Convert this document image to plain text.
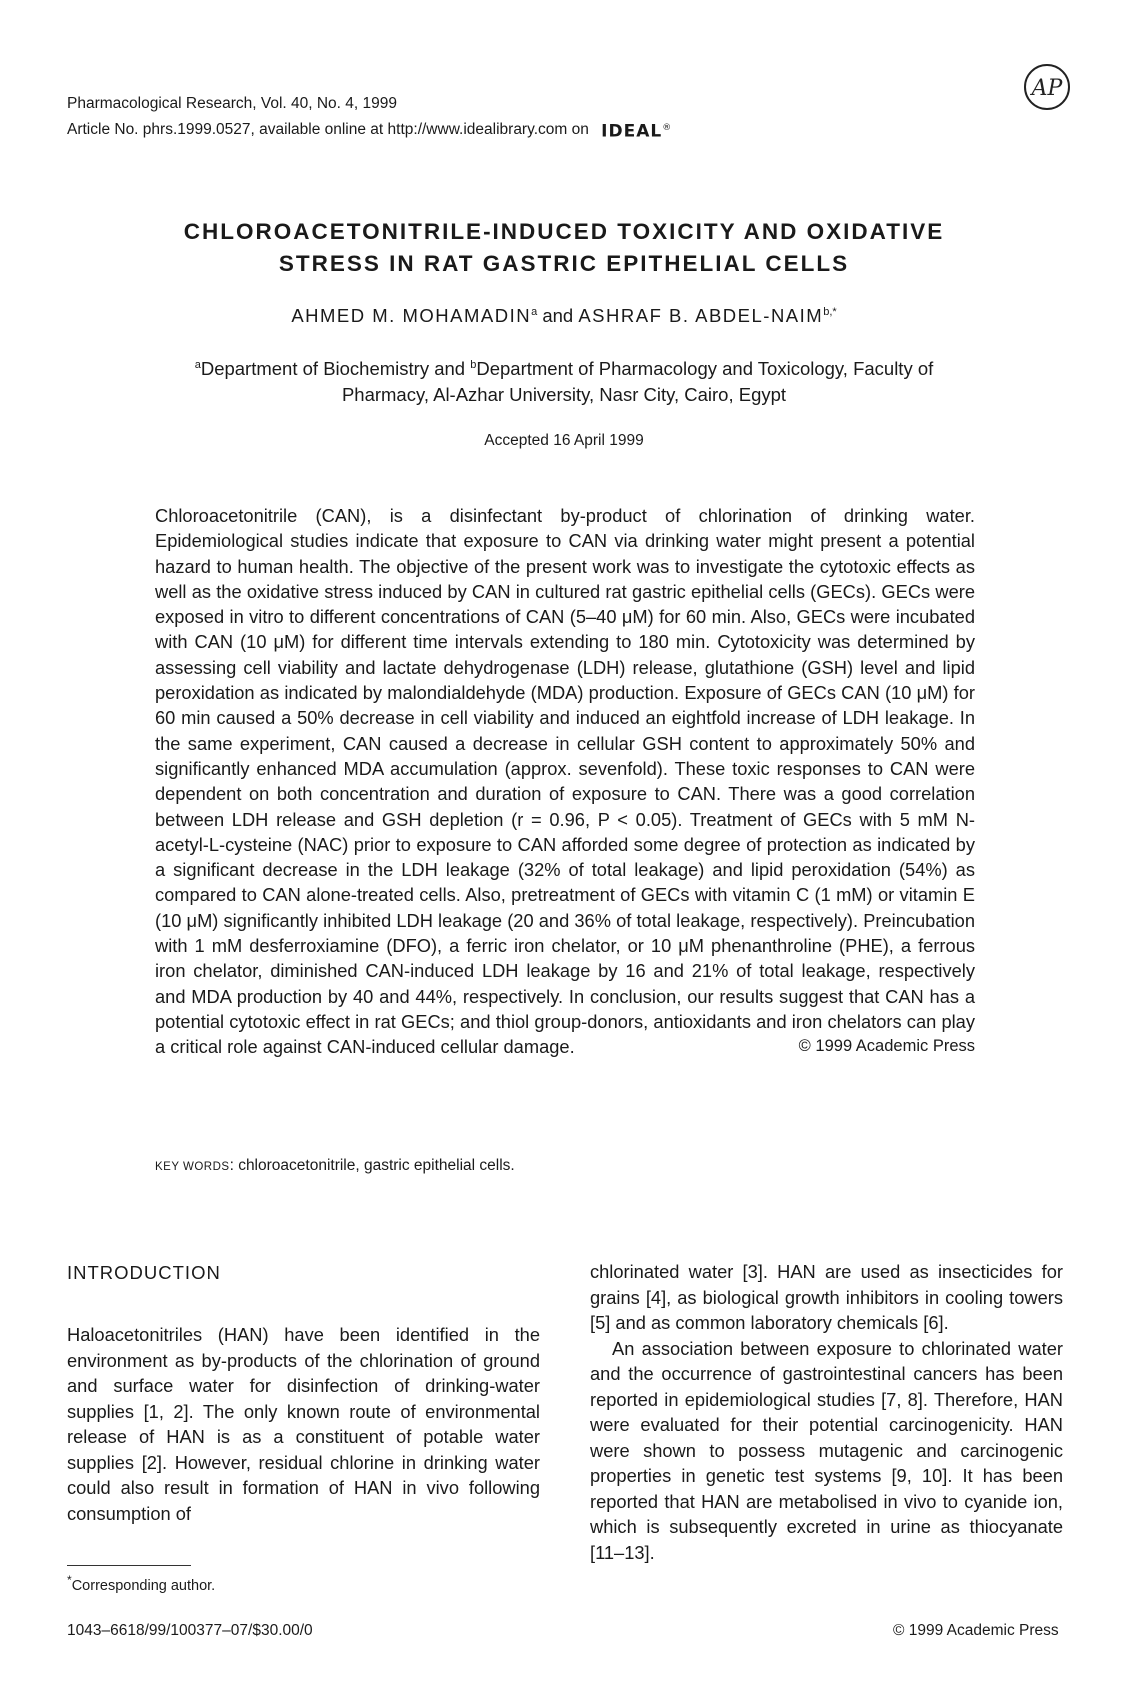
Pharmacological Research, Vol. 40, No. 4, 1999
Article No. phrs.1999.0527, available online at http://www.idealibrary.com on IDEAL®
AP
CHLOROACETONITRILE-INDUCED TOXICITY AND OXIDATIVE
STRESS IN RAT GASTRIC EPITHELIAL CELLS
AHMED M. MOHAMADIN$^a$ and ASHRAF B. ABDEL-$NAIM^{b,*}$
$^a$Department of Biochemistry and $^b$Department of Pharmacology and Toxicology, Faculty of
Pharmacy, Al-Azhar University, Nasr City, Cairo, Egypt
Accepted 16 April 1999
Chloroacetonitrile (CAN), is a disinfectant by-product of chlorination of drinking water. Epidemiological studies indicate that exposure to CAN via drinking water might present a potential hazard to human health. The objective of the present work was to investigate the cytotoxic effects as well as the oxidative stress induced by CAN in cultured rat gastric epithelial cells (GECs). GECs were exposed in vitro to different concentrations of CAN (5–40 μM) for 60 min. Also, GECs were incubated with CAN (10 μM) for different time intervals extending to 180 min. Cytotoxicity was determined by assessing cell viability and lactate dehydrogenase (LDH) release, glutathione (GSH) level and lipid peroxidation as indicated by malondialdehyde (MDA) production. Exposure of GECs CAN (10 μM) for 60 min caused a 50% decrease in cell viability and induced an eightfold increase of LDH leakage. In the same experiment, CAN caused a decrease in cellular GSH content to approximately 50% and significantly enhanced MDA accumulation (approx. sevenfold). These toxic responses to CAN were dependent on both concentration and duration of exposure to CAN. There was a good correlation between LDH release and GSH depletion (r = 0.96, P < 0.05). Treatment of GECs with 5 mM N-acetyl-L-cysteine (NAC) prior to exposure to CAN afforded some degree of protection as indicated by a significant decrease in the LDH leakage (32% of total leakage) and lipid peroxidation (54%) as compared to CAN alone-treated cells. Also, pretreatment of GECs with vitamin C (1 mM) or vitamin E (10 μM) significantly inhibited LDH leakage (20 and 36% of total leakage, respectively). Preincubation with 1 mM desferroxiamine (DFO), a ferric iron chelator, or 10 μM phenanthroline (PHE), a ferrous iron chelator, diminished CAN-induced LDH leakage by 16 and 21% of total leakage, respectively and MDA production by 40 and 44%, respectively. In conclusion, our results suggest that CAN has a potential cytotoxic effect in rat GECs; and thiol group-donors, antioxidants and iron chelators can play a critical role against CAN-induced cellular damage.	© 1999 Academic Press
KEY WORDS: chloroacetonitrile, gastric epithelial cells.
INTRODUCTION
Haloacetonitriles (HAN) have been identified in the environment as by-products of the chlorination of ground and surface water for disinfection of drinking-water supplies [1, 2]. The only known route of environmental release of HAN is as a constituent of potable water supplies [2]. However, residual chlorine in drinking water could also result in formation of HAN in vivo following consumption of

chlorinated water [3]. HAN are used as insecticides for grains [4], as biological growth inhibitors in cooling towers [5] and as common laboratory chemicals [6].

An association between exposure to chlorinated water and the occurrence of gastrointestinal cancers has been reported in epidemiological studies [7, 8]. Therefore, HAN were evaluated for their potential carcinogenicity. HAN were shown to possess mutagenic and carcinogenic properties in genetic test systems [9, 10]. It has been reported that HAN are metabolised in vivo to cyanide ion, which is subsequently excreted in urine as thiocyanate [11–13].

*Corresponding author.
1043–6618/99/100377–07/$30.00/0	© 1999 Academic Press
